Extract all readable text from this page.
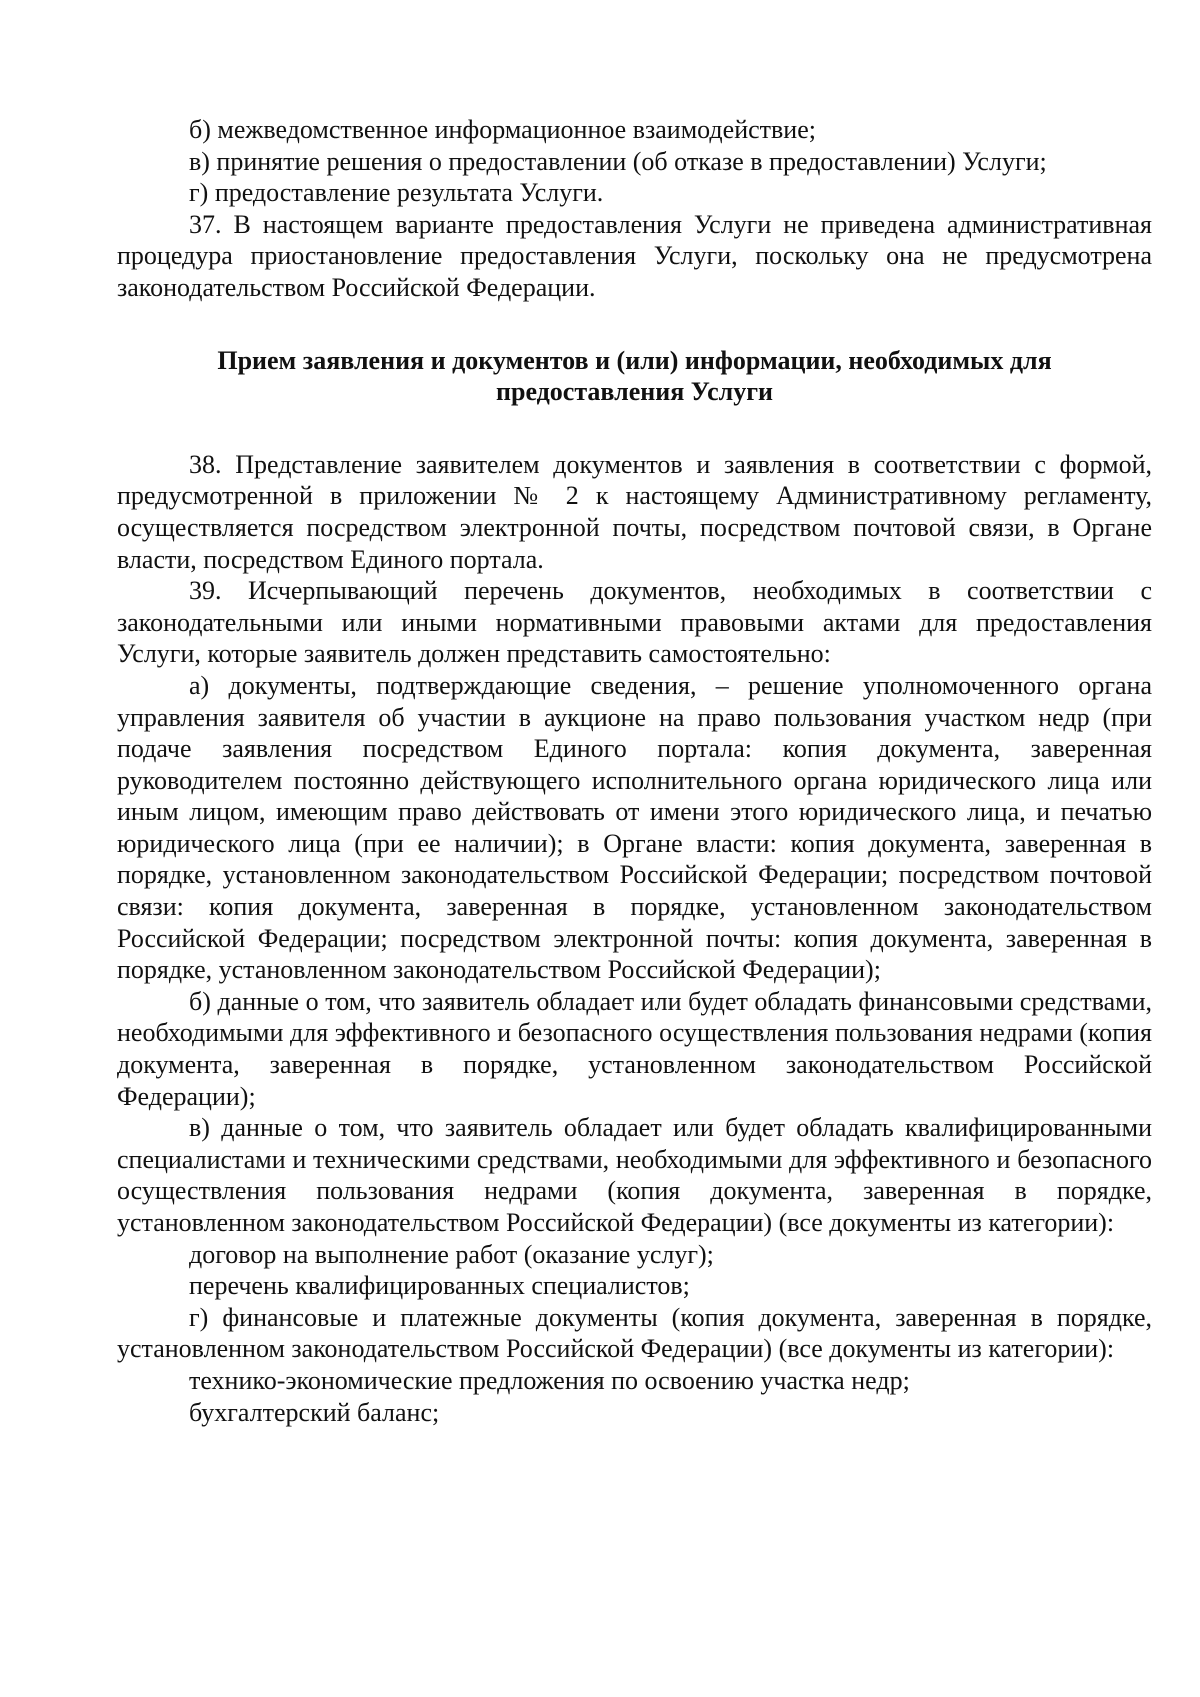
б) межведомственное информационное взаимодействие;

в) принятие решения о предоставлении (об отказе в предоставлении) Услуги;

г) предоставление результата Услуги.

37. В настоящем варианте предоставления Услуги не приведена административная процедура приостановление предоставления Услуги, поскольку она не предусмотрена законодательством Российской Федерации.

Прием заявления и документов и (или) информации, необходимых для предоставления Услуги

38. Представление заявителем документов и заявления в соответствии с формой, предусмотренной в приложении № 2 к настоящему Административному регламенту, осуществляется посредством электронной почты, посредством почтовой связи, в Органе власти, посредством Единого портала.

39. Исчерпывающий перечень документов, необходимых в соответствии с законодательными или иными нормативными правовыми актами для предоставления Услуги, которые заявитель должен представить самостоятельно:

а) документы, подтверждающие сведения, – решение уполномоченного органа управления заявителя об участии в аукционе на право пользования участком недр (при подаче заявления посредством Единого портала: копия документа, заверенная руководителем постоянно действующего исполнительного органа юридического лица или иным лицом, имеющим право действовать от имени этого юридического лица, и печатью юридического лица (при ее наличии); в Органе власти: копия документа, заверенная в порядке, установленном законодательством Российской Федерации; посредством почтовой связи: копия документа, заверенная в порядке, установленном законодательством Российской Федерации; посредством электронной почты: копия документа, заверенная в порядке, установленном законодательством Российской Федерации);

б) данные о том, что заявитель обладает или будет обладать финансовыми средствами, необходимыми для эффективного и безопасного осуществления пользования недрами (копия документа, заверенная в порядке, установленном законодательством Российской Федерации);

в) данные о том, что заявитель обладает или будет обладать квалифицированными специалистами и техническими средствами, необходимыми для эффективного и безопасного осуществления пользования недрами (копия документа, заверенная в порядке, установленном законодательством Российской Федерации) (все документы из категории):

договор на выполнение работ (оказание услуг);

перечень квалифицированных специалистов;

г) финансовые и платежные документы (копия документа, заверенная в порядке, установленном законодательством Российской Федерации) (все документы из категории):

технико-экономические предложения по освоению участка недр;

бухгалтерский баланс;
